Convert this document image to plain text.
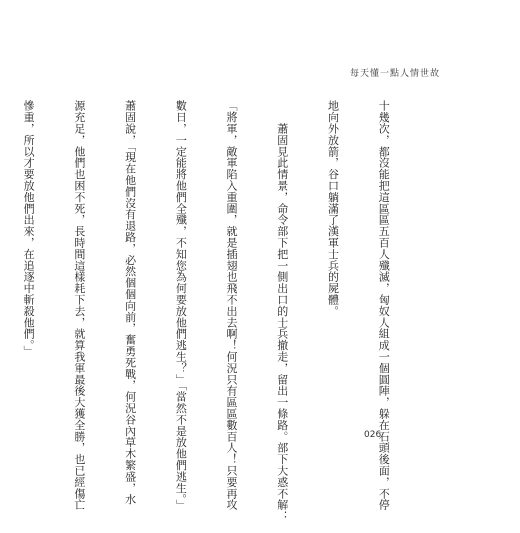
每天懂一點人情世故

十幾次，都沒能把這區區五百人殲滅，匈奴人組成一個圓陣，躲在石頭後面，不停

地向外放箭，谷口躺滿了漢軍士兵的屍體。

　　蕭固見此情景，命令部下把一側出口的士兵撤走，留出一條路。部下大惑不解：

「將軍，敵軍陷入重圍，就是插翅也飛不出去啊！何況只有區區數百人！只要再攻

數日，一定能將他們全殲，不知您為何要放他們逃生？」「當然不是放他們逃生。」

蕭固說，「現在他們沒有退路，必然個個向前，奮勇死戰，何況谷內草木繁盛，水

源充足，他們也困不死，長時間這樣耗下去，就算我軍最後大獲全勝，也已經傷亡

慘重，所以才要放他們出來，在追逐中斬殺他們。」

026
